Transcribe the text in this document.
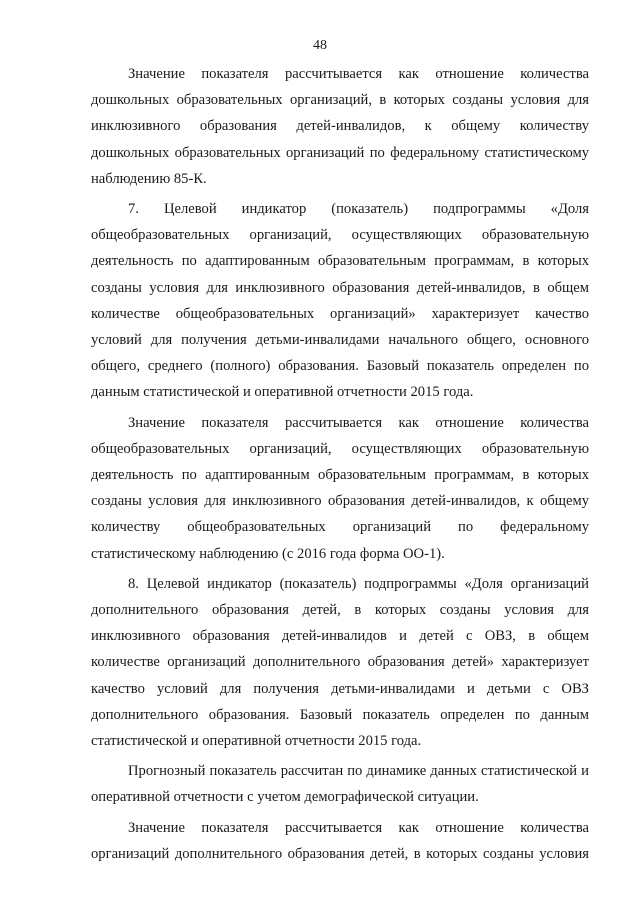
48

Значение показателя рассчитывается как отношение количества дошкольных образовательных организаций, в которых созданы условия для инклюзивного образования детей-инвалидов, к общему количеству дошкольных образовательных организаций по федеральному статистическому наблюдению 85-К.

7. Целевой индикатор (показатель) подпрограммы «Доля общеобразовательных организаций, осуществляющих образовательную деятельность по адаптированным образовательным программам, в которых созданы условия для инклюзивного образования детей-инвалидов, в общем количестве общеобразовательных организаций» характеризует качество условий для получения детьми-инвалидами начального общего, основного общего, среднего (полного) образования. Базовый показатель определен по данным статистической и оперативной отчетности 2015 года.

Значение показателя рассчитывается как отношение количества общеобразовательных организаций, осуществляющих образовательную деятельность по адаптированным образовательным программам, в которых созданы условия для инклюзивного образования детей-инвалидов, к общему количеству общеобразовательных организаций по федеральному статистическому наблюдению (с 2016 года форма ОО-1).

8. Целевой индикатор (показатель) подпрограммы «Доля организаций дополнительного образования детей, в которых созданы условия для инклюзивного образования детей-инвалидов и детей с ОВЗ, в общем количестве организаций дополнительного образования детей» характеризует качество условий для получения детьми-инвалидами и детьми с ОВЗ дополнительного образования. Базовый показатель определен по данным статистической и оперативной отчетности 2015 года.

Прогнозный показатель рассчитан по динамике данных статистической и оперативной отчетности с учетом демографической ситуации.

Значение показателя рассчитывается как отношение количества организаций дополнительного образования детей, в которых созданы условия
